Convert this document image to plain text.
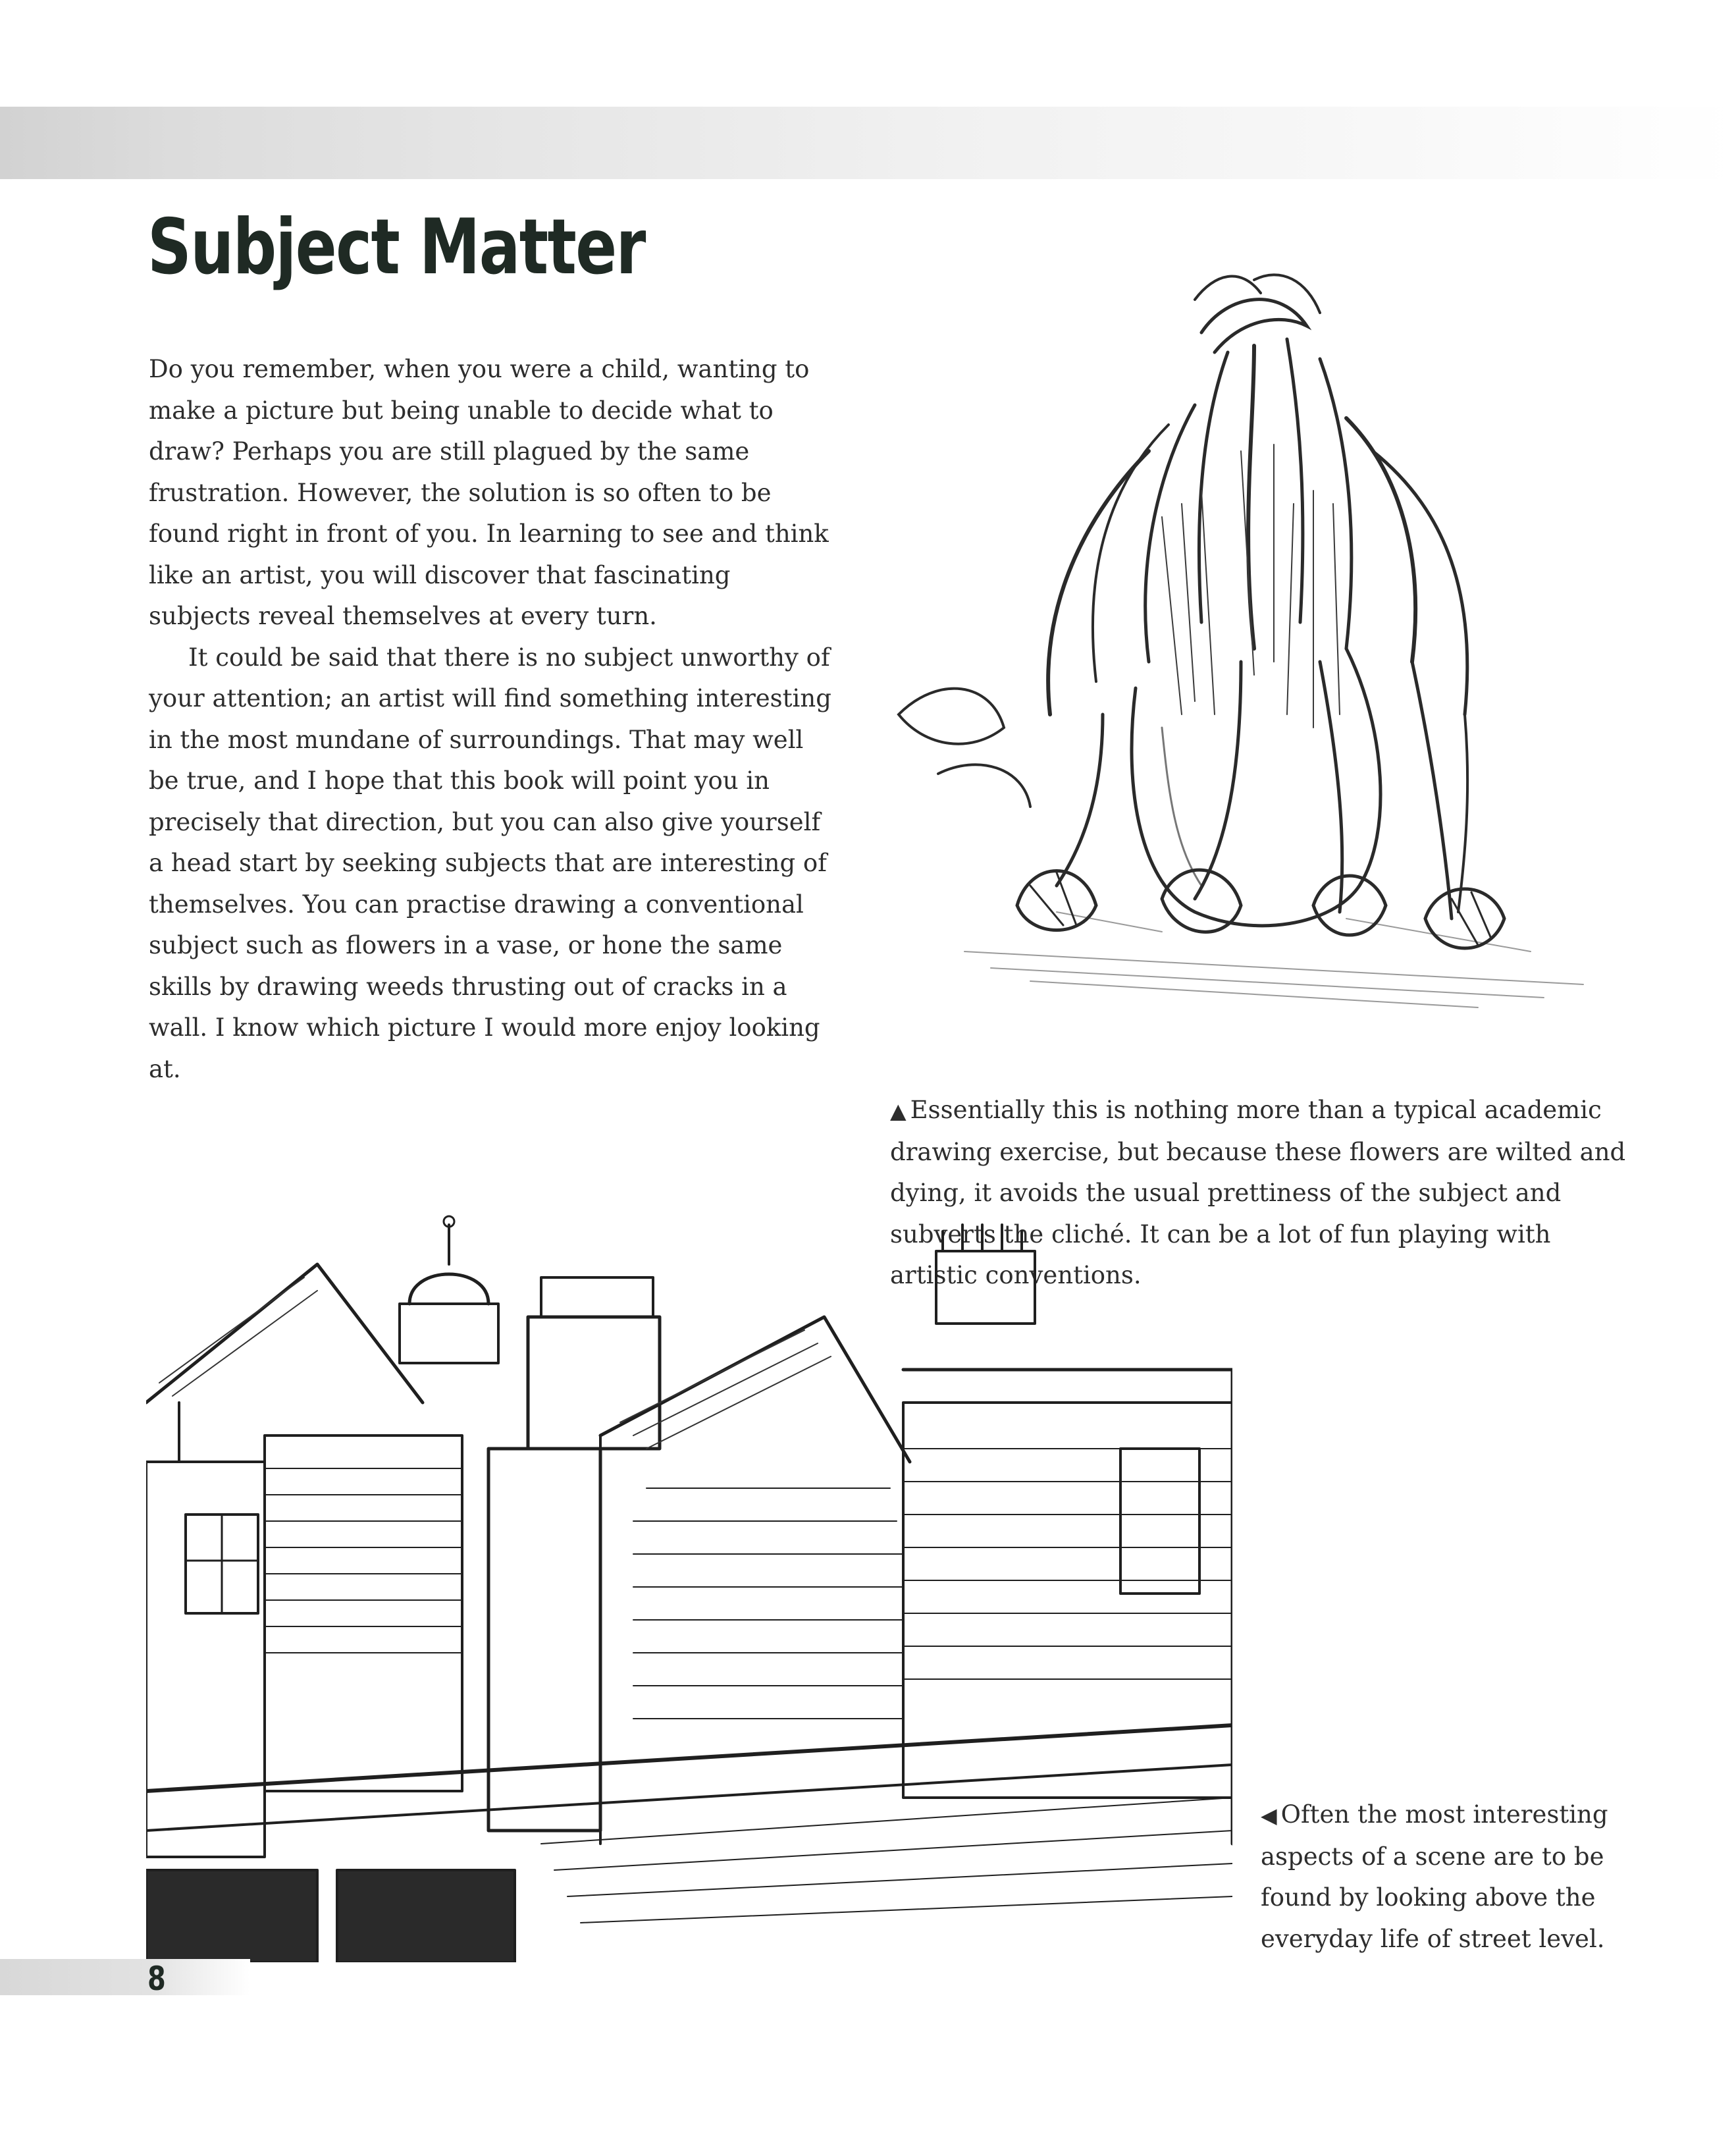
Subject Matter

Do you remember, when you were a child, wanting to make a picture but being unable to decide what to draw? Perhaps you are still plagued by the same frustration. However, the solution is so often to be found right in front of you. In learning to see and think like an artist, you will discover that fascinating subjects reveal themselves at every turn.

It could be said that there is no subject unworthy of your attention; an artist will find something interesting in the most mundane of surroundings. That may well be true, and I hope that this book will point you in precisely that direction, but you can also give yourself a head start by seeking subjects that are interesting of themselves. You can practise drawing a conventional subject such as flowers in a vase, or hone the same skills by drawing weeds thrusting out of cracks in a wall. I know which picture I would more enjoy looking at.

▲ Essentially this is nothing more than a typical academic drawing exercise, but because these flowers are wilted and dying, it avoids the usual prettiness of the subject and subverts the cliché. It can be a lot of fun playing with artistic conventions.
◀ Often the most interesting aspects of a scene are to be found by looking above the everyday life of street level.
8
